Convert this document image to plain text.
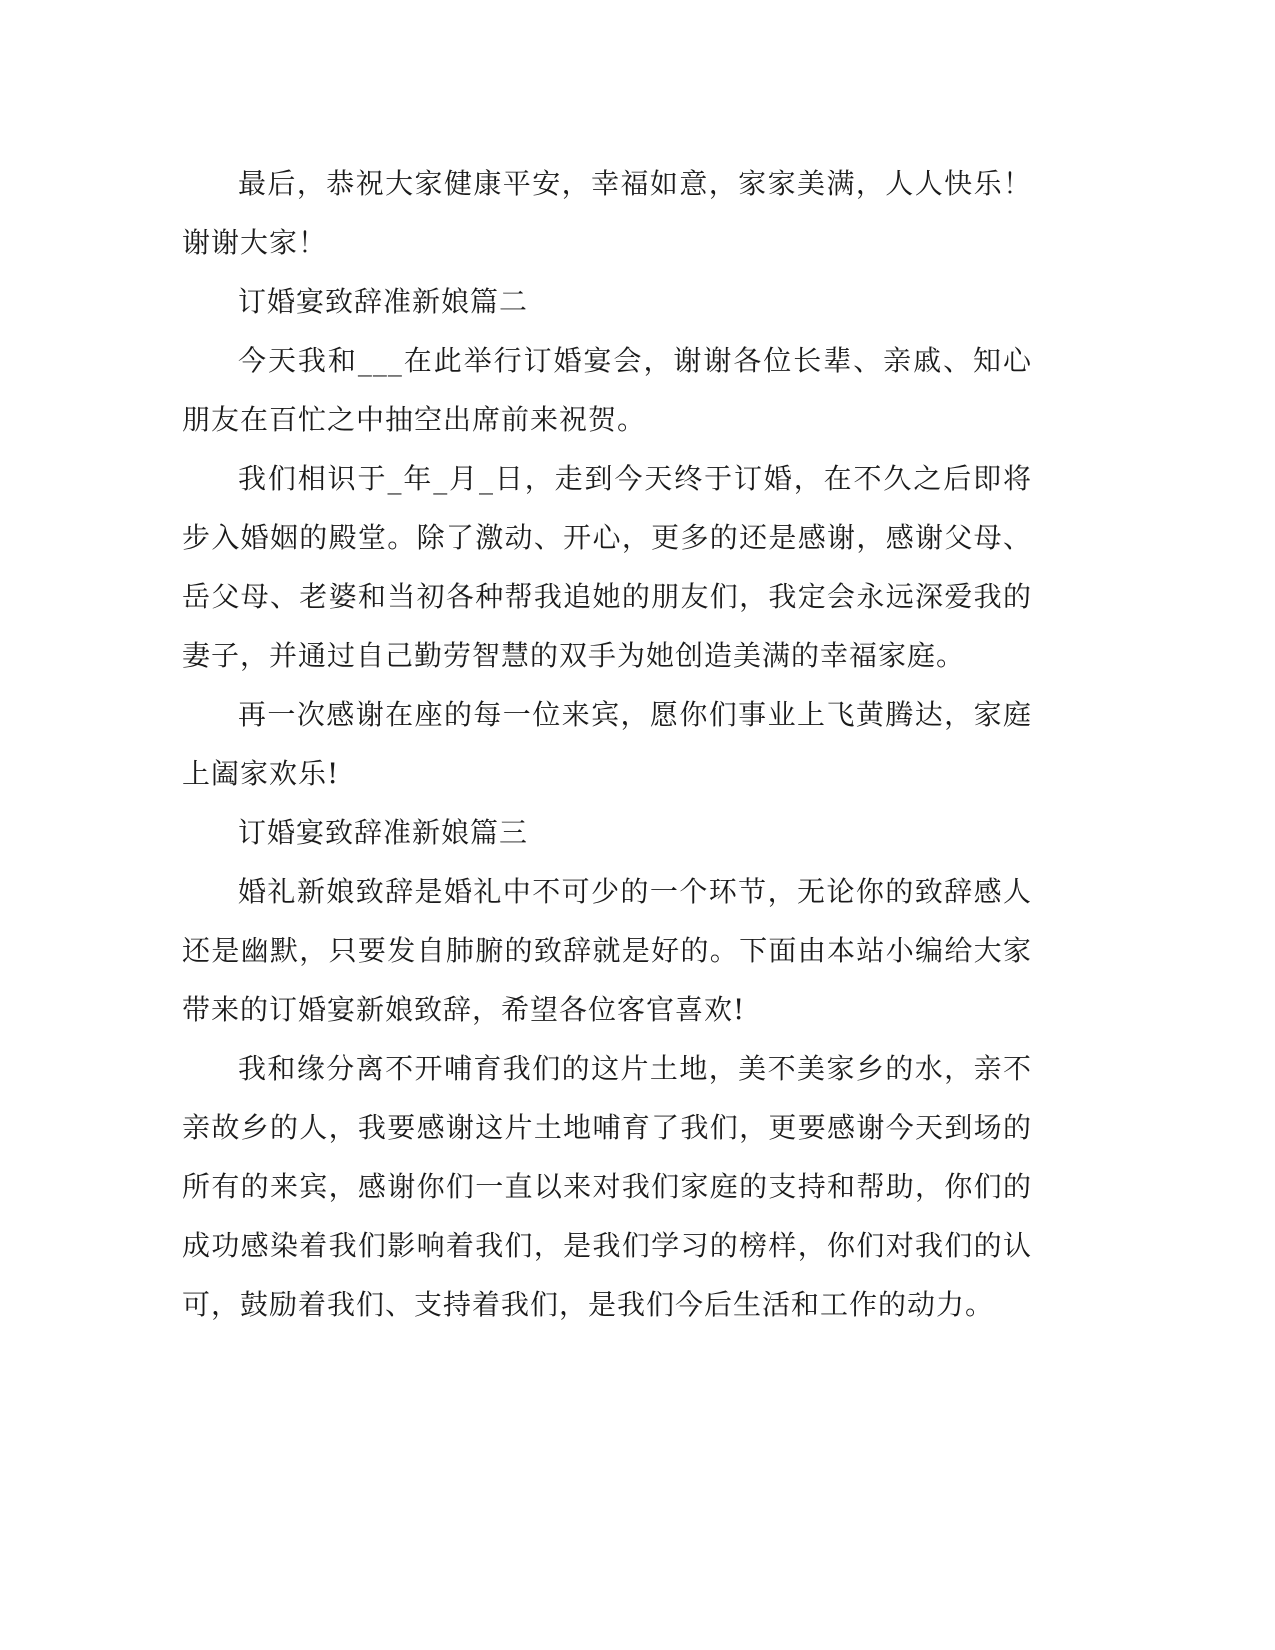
最后，恭祝大家健康平安，幸福如意，家家美满，人人快乐！谢谢大家！

订婚宴致辞准新娘篇二

今天我和___在此举行订婚宴会，谢谢各位长辈、亲戚、知心朋友在百忙之中抽空出席前来祝贺。

我们相识于_年_月_日，走到今天终于订婚，在不久之后即将步入婚姻的殿堂。除了激动、开心，更多的还是感谢，感谢父母、岳父母、老婆和当初各种帮我追她的朋友们，我定会永远深爱我的妻子，并通过自己勤劳智慧的双手为她创造美满的幸福家庭。

再一次感谢在座的每一位来宾，愿你们事业上飞黄腾达，家庭上阖家欢乐!

订婚宴致辞准新娘篇三

婚礼新娘致辞是婚礼中不可少的一个环节，无论你的致辞感人还是幽默，只要发自肺腑的致辞就是好的。下面由本站小编给大家带来的订婚宴新娘致辞，希望各位客官喜欢!

我和缘分离不开哺育我们的这片土地，美不美家乡的水，亲不亲故乡的人，我要感谢这片土地哺育了我们，更要感谢今天到场的所有的来宾，感谢你们一直以来对我们家庭的支持和帮助，你们的成功感染着我们影响着我们，是我们学习的榜样，你们对我们的认可，鼓励着我们、支持着我们，是我们今后生活和工作的动力。
